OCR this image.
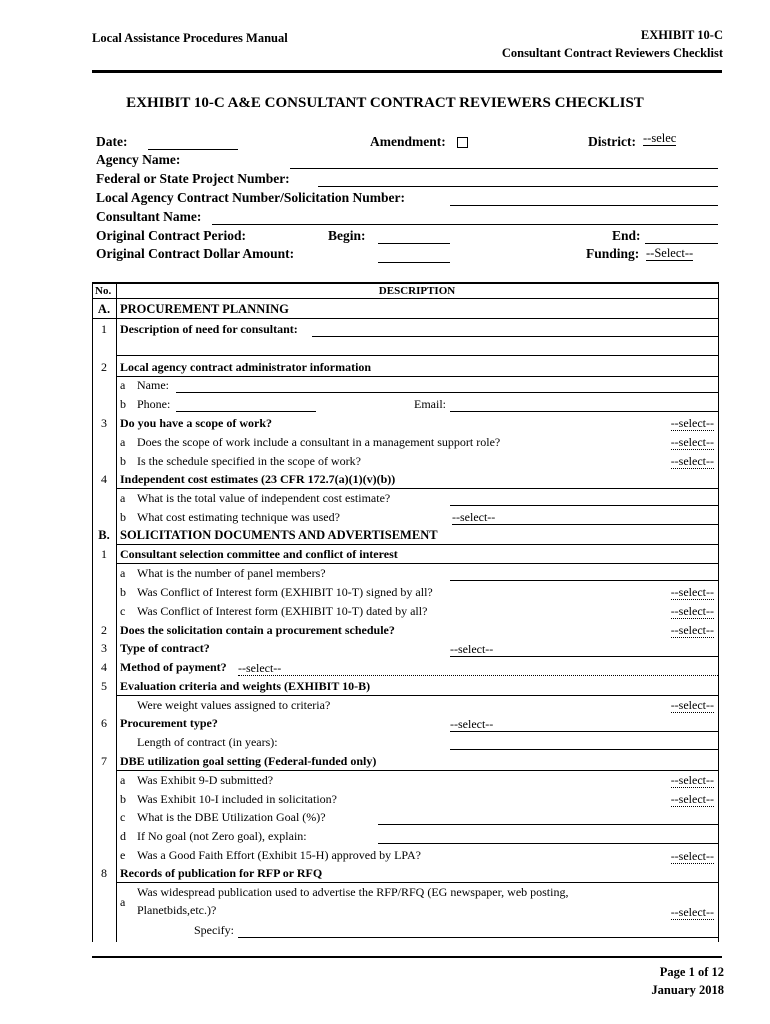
Local Assistance Procedures Manual	EXHIBIT 10-C
Consultant Contract Reviewers Checklist
EXHIBIT 10-C A&E CONSULTANT CONTRACT REVIEWERS CHECKLIST
Date:	Amendment:	District: --selec
Agency Name:
Federal or State Project Number:
Local Agency Contract Number/Solicitation Number:
Consultant Name:
Original Contract Period:	Begin:	End:
Original Contract Dollar Amount:	Funding: --Select--
No.	DESCRIPTION
A. PROCUREMENT PLANNING
1	Description of need for consultant:
2	Local agency contract administrator information
a Name:
b Phone:	Email:
3	Do you have a scope of work?	--select--
a Does the scope of work include a consultant in a management support role?	--select--
b Is the schedule specified in the scope of work?	--select--
4	Independent cost estimates (23 CFR 172.7(a)(1)(v)(b))
a What is the total value of independent cost estimate?
b What cost estimating technique was used?	--select--
B. SOLICITATION DOCUMENTS AND ADVERTISEMENT
1	Consultant selection committee and conflict of interest
a What is the number of panel members?
b Was Conflict of Interest form (EXHIBIT 10-T) signed by all?	--select--
c Was Conflict of Interest form (EXHIBIT 10-T) dated by all?	--select--
2	Does the solicitation contain a procurement schedule?	--select--
3	Type of contract?	--select--
4	Method of payment? --select--
5	Evaluation criteria and weights (EXHIBIT 10-B)
Were weight values assigned to criteria?	--select--
6	Procurement type?	--select--
Length of contract (in years):
7	DBE utilization goal setting (Federal-funded only)
a Was Exhibit 9-D submitted?	--select--
b Was Exhibit 10-I included in solicitation?	--select--
c What is the DBE Utilization Goal (%)?
d If No goal (not Zero goal), explain:
e Was a Good Faith Effort (Exhibit 15-H) approved by LPA?	--select--
8	Records of publication for RFP or RFQ
a
Was widespread publication used to advertise the RFP/RFQ (EG newspaper, web posting,
Planetbids,etc.)?	--select--
Specify:
Page 1 of 12
January 2018
